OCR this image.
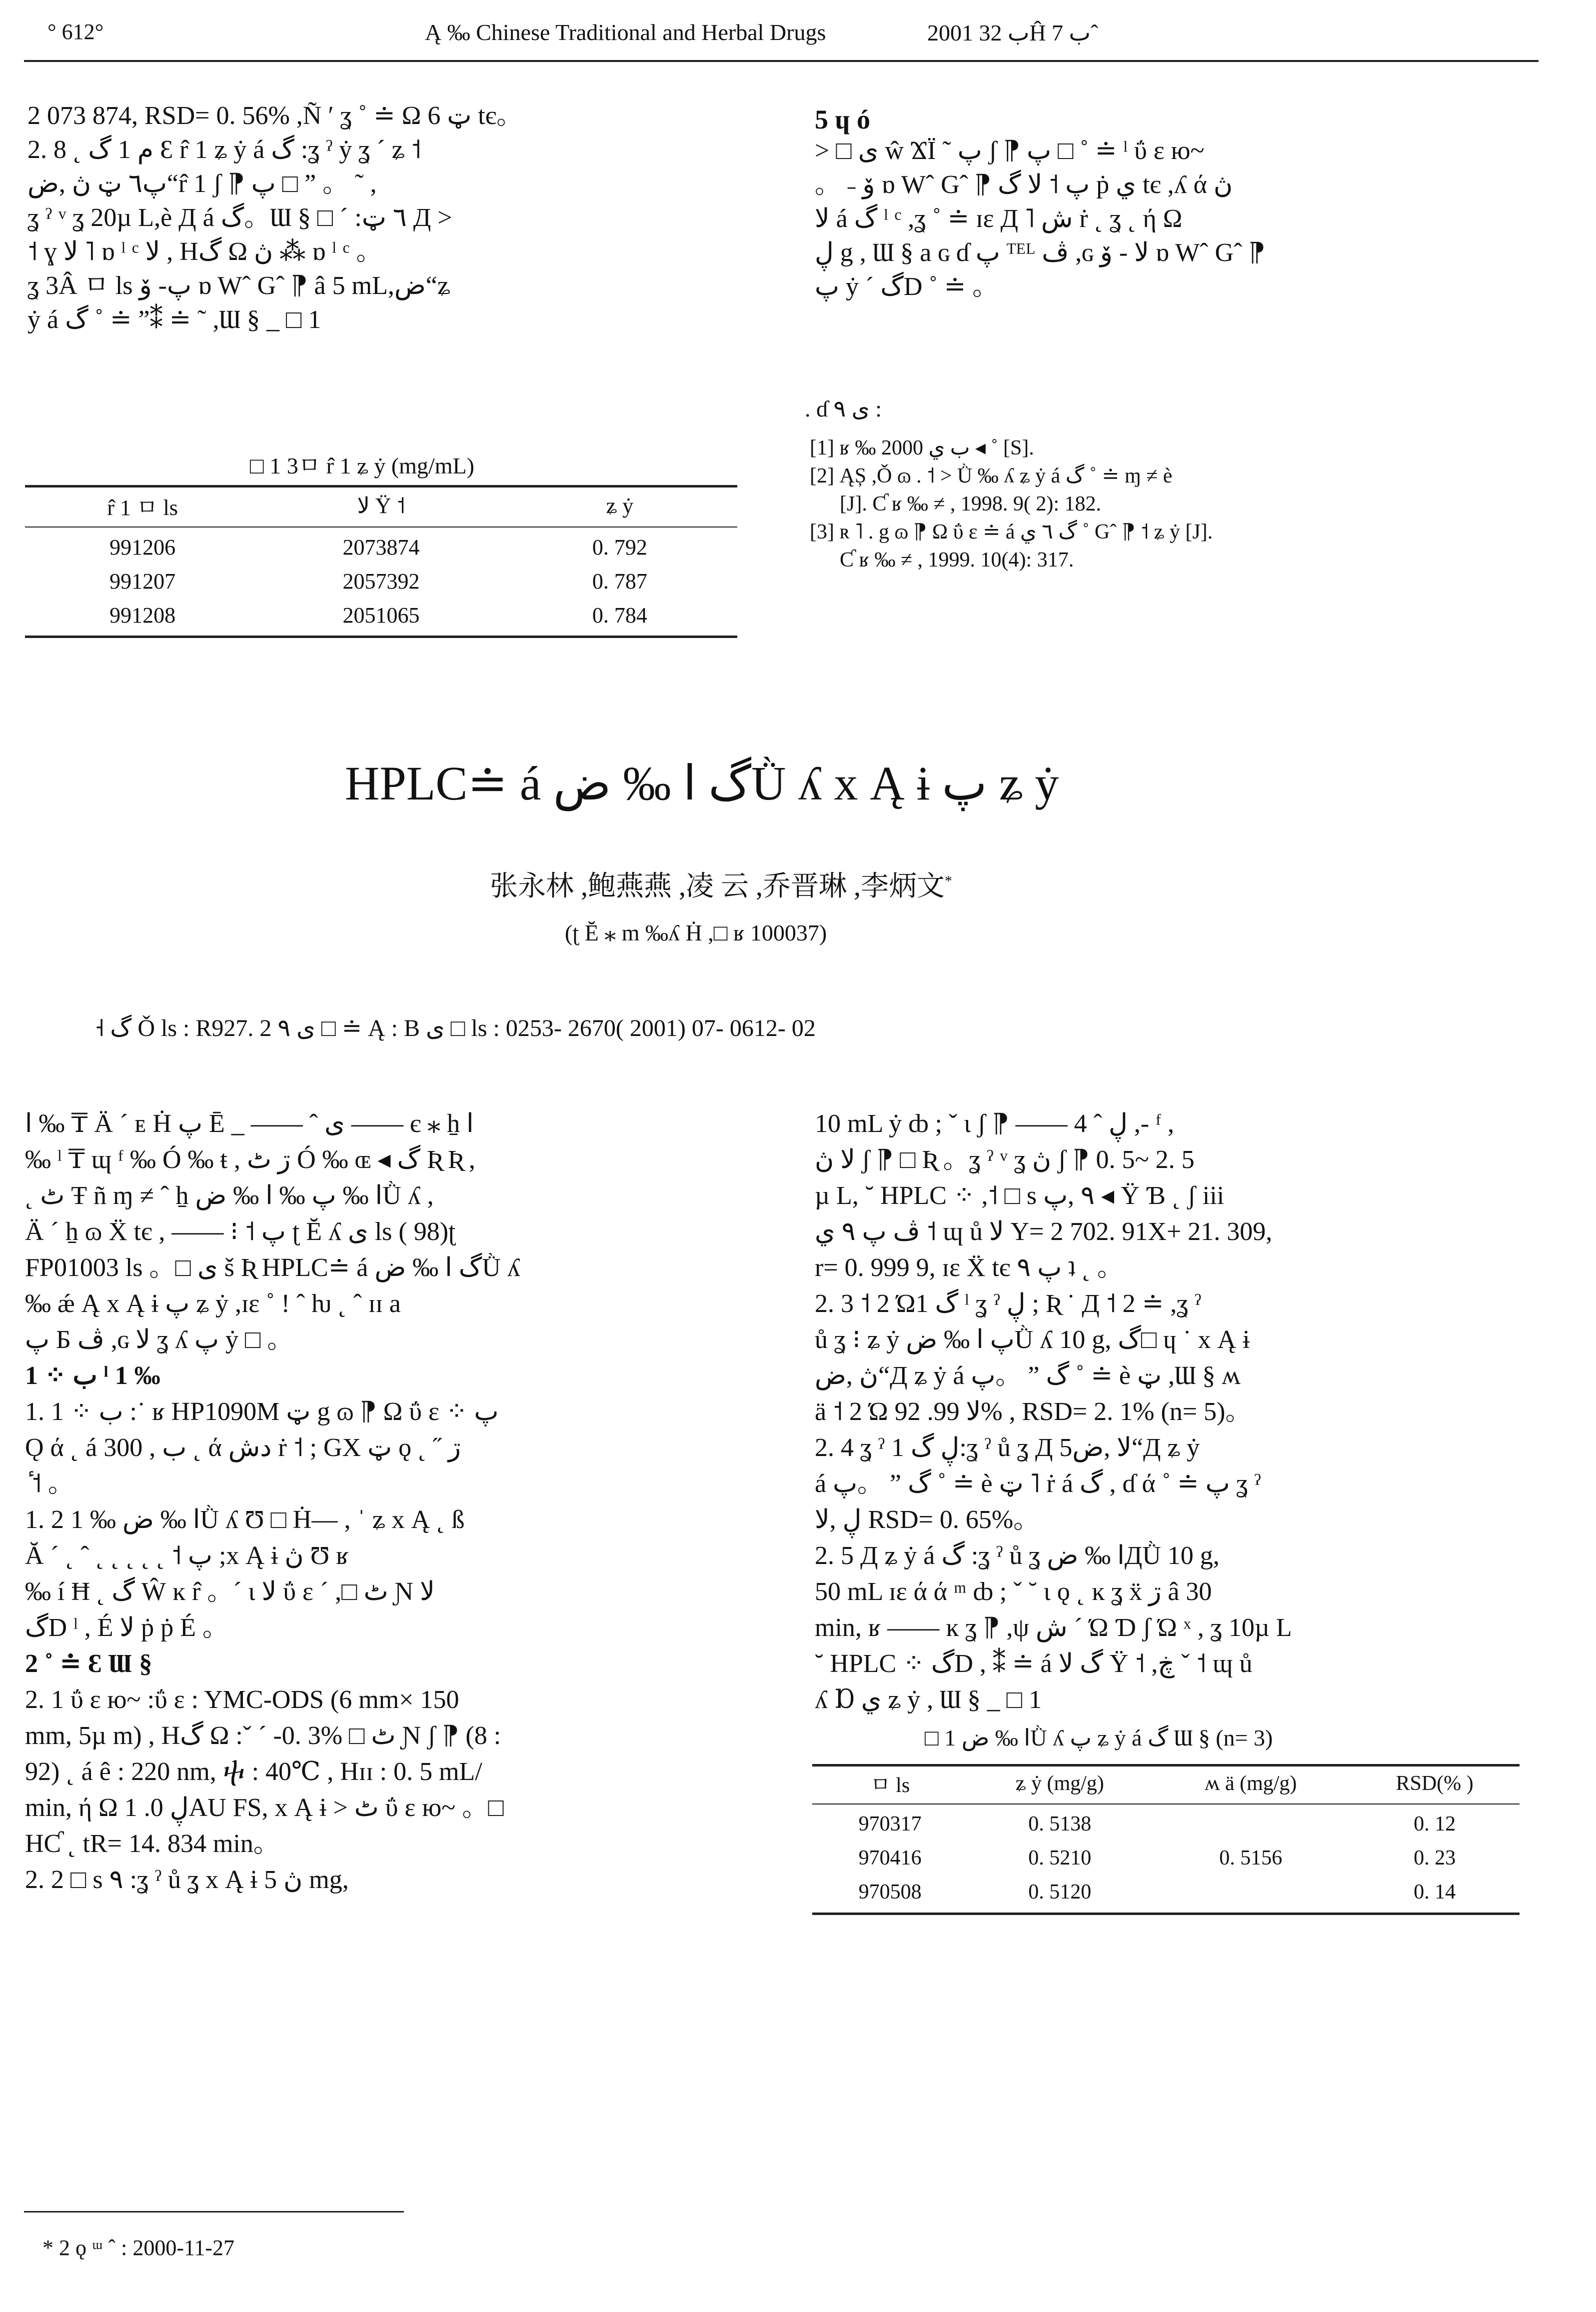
° 612°	Ą ‰ Chinese Traditional and Herbal Drugs	2001 ب 32Ĥ ب 7ˆ
2 073 874, RSD= 0. 56% ,Ñ ′ ʓ ˚ ≐ Ω ټ 6 tє。
2. 8 ˛ م 1 گ Ɛ r̂ 1 ʑ ẏ á گ :ʓ ˀ ẏ ʓ ´ ʑ ˦
پ٦ ټ ڽ ,ض“r̂ 1 ʃ ⁋ پ □ ” 。 ˜ ,
ʓ ˀ ᵛ ʓ 20µ L,è Д á گ。Ɯ § □ ´ :٦ ټ Д >
˦ ɣ ﻻ ˥ ɒ ˡ ᶜ ﻻ , Hگ Ω ڽ ⁂ ɒ ˡ ᶜ 。
ʓ 3Â ㅁ ls پ- ۆ ɒ Wˆ Gˆ ⁋ â 5 mL,ض“ʑ
ẏ á گ ˚ ≐ ”⁑ ≐ ˜ ,Ɯ § _ □ 1
□ 1 3ㅁ r̂ 1 ʑ ẏ (mg/mL)
r̂ 1 ㅁ ls	ﻻ Ÿ ˦	ʑ ẏ
991206	2073874	0. 792
991207	2057392	0. 787
991208	2051065	0. 784
5 ɥ ó
> □ ی ŵ ϪΪ ˜ پ ʃ ⁋ پ □ ˚ ≐ ˡ ΰ ɛ ю~
。 ˗ ۆ ɒ Wˆ Gˆ ⁋ پ ˦ ﻻ گ ṗ ي tє ,ʎ ά ڽ
ﻻ á گ ˡ ᶜ ,ʓ ˚ ≐ ɪɛ Д ˥ ش ṙ ˛ ʓ ˛ ή Ω
ڸ g , Ɯ § a ɢ ɗ پ ᵀᴱᴸ ڤ ,ɢ ﻻ - ۆ ɒ Wˆ Gˆ ⁋
پ ẏ ´ گD ˚ ≐ 。
. ɗ ی ٩ :
[1] ʁ ‰ 2000 ب ي ◂ ˚ [S].
[2] ĄȘ ,Ǒ ɷ . ˦ > Ǜ ‰ ʎ ʑ ẏ á گ ˚ ≐ ɱ ≠ è
[J]. Ƈ ʁ ‰ ≠ , 1998. 9( 2): 182.
[3] ʀ ˥ . g ɷ ⁋ Ω ΰ ɛ ≐ á گ ٦ ي ˚ Gˆ ⁋ ˦ ʑ ẏ [J].
Ƈ ʁ ‰ ≠ , 1999. 10(4): 317.
HPLC≐ á گ ا ‰ ضǛ ʎ x Ą ɨ پ ʑ ẏ
张永林 ,鲍燕燕 ,凌 云 ,乔晋琳 ,李炳文*
(ʈ Ĕ ⁎ m ‰ʎ Ḣ ,□ ʁ 100037)
˧ گ Ǒ ls : R927. 2 ی ٩ □ ≐ Ą : B ی □ ls : 0253- 2670( 2001) 07- 0612- 02
ا ‰ ₸ Ä ´ ᴇ Ḣ پ Ē _ —— ˆ ی —— є ⁎ ẖ ا
‰ ˡ ₸ ɰ ᶠ ‰ Ó ‰ ŧ , ڗ ٹ Ó ‰ ɶ ◂ گ Ʀ Ʀ ,
˛ ٹ Ŧ ñ ɱ ≠ ˆ ẖ ا ‰ پ ‰ ا ‰ ضǛ ʎ ,
Ä ´ ẖ ɷ Ẍ tє , —— ⁝ ˦ پ ʈ Ĕ ʎ ی ls ( 98)ʈ
FP01003 ls 。□ ی š Ʀ HPLC≐ á گ ا ‰ ضǛ ʎ
‰ ǽ Ą x Ą ɨ پ ʑ ẏ ,ɪɛ ˚ ! ˆ ƕ ˛ ˆ ɪɪ a
پ Б ڤ ,ɢ ﻻ ʓ ʎ پ ẏ □ 。
1 ⁘ ب ˡ 1 ‰
1. 1 ⁘ ب :˙ ʁ HP1090M ټ g ɷ ⁋ Ω ΰ ɛ ⁘ پ
Ǫ ά ˛ á ب , 300 ˛ ά دش ṙ ˦ ; GX ټ ǫ ˛ ˝ ڗ
ٔ ˦ 。
1. 2 1 ‰ ا ‰ ضǛ ʎ Ʊ □ Ḣ— , ˈ ʑ x Ą ˛ ß
Ă ˊ ˛ ˆ ˛ ˛ ˛ ˛ ˛ ˦ پ ;x Ą ɨ ڽ Ʊ ʁ
‰ í Ħ ˛ گ Ŵ ĸ r̂ 。ˊ ɩ ﻻ ΰ ɛ ˊ ,□ ٹ Ɲ ﻻ
گD ˡ , É ﻻ ṗ ṗ É 。
2 ˚ ≐ Ɛ Ɯ §
2. 1 ΰ ɛ ю~ :ΰ ɛ : YMC-ODS (6 mm× 150
mm, 5µ m) , Hگ Ω :ˇ ˊ -0. 3% □ ٹ Ɲ ʃ ⁋ (8 :
92) ˛ á ê : 220 nm, ⴕ : 40℃ , Hɪɪ : 0. 5 mL/
min, ή Ω ڸ 0. 1AU FS, x Ą ɨ > ٹ ΰ ɛ ю~ 。□
HƇ ˛ tR= 14. 834 min。
2. 2 □ s ٩ :ʓ ˀ ů ʓ x Ą ɨ ڽ 5 mg,
10 mL ẏ ȸ ; ˇ ɩ ʃ ⁋ —— 4 ˆ ڸ ,- ᶠ ,
ﻻ ڽ ʃ ⁋ □ Ʀ 。ʓ ˀ ᵛ ʓ ڽ ʃ ⁋ 0. 5~ 2. 5
µ L, ˘ HPLC ⁘ ,˦ □ s ٩ ,پ ◂ Ÿ Ɓ ˛ ʃ iii
ڤ پ ٩ ي ˦ ɰ ů ﻻ Y= 2 702. 91X+ 21. 309,
r= 0. 999 9, ɪɛ Ẍ tє پ ٩ ʇ ˛ 。
2. 3 ˦ 2 Ώ1 گ ˡ ʓ ˀ ڸ ; Ʀ ˙ Д ˦ 2 ≐ ,ʓ ˀ
ů ʓ ⁝ ʑ ẏ پ ا ‰ ضǛ ʎ 10 g, گ□ ɥ ˙ x Ą ɨ
ڽ ,ض“Д ʑ ẏ á گ ” 。پ ˚ ≐ è ټ ,Ɯ § ʍ
ä ˦ 2 Ώ ﻻ 99. 92% , RSD= 2. 1% (n= 5)。
2. 4 ʓ ˀ 1 ڸ گ:ʓ ˀ ů ʓ Д 5ﻻ ,ض“Д ʑ ẏ
á گ ” 。پ ˚ ≐ è ټ ˥ ṙ á گ , ɗ ά ˚ ≐ پ ʓ ˀ
ڸ ,ﻻ RSD= 0. 65%。
2. 5 Д ʑ ẏ á گ :ʓ ˀ ů ʓ ا ‰ ضДǛ 10 g,
50 mL ɪɛ ά ά ᵐ ȸ ; ˇ ˘ ɩ ǫ ˛ ĸ ʓ ẍ ڗ â 30
min, ʁ —— ĸ ʓ ⁋ ,ψ ش ˊ Ώ Ɗ ʃ Ώ ˣ , ʓ 10µ L
˘ HPLC ⁘ گD , ⁑ ≐ á گ ﻻ Ÿ ˦ ,ڿ ˇ ˦ ɰ ů
ʎ Ɒ ي ʑ ẏ , Ɯ § _ □ 1
□ 1 ا ‰ ضǛ ʎ پ ʑ ẏ á گ Ɯ § (n= 3)
ㅁ ls	ʑ ẏ (mg/g)	ʍ ä (mg/g)	RSD(% )
970317	0. 5138		0. 12
970416	0. 5210	0. 5156	0. 23
970508	0. 5120		0. 14
* 2 ǫ ᵚ ˆ : 2000-11-27
